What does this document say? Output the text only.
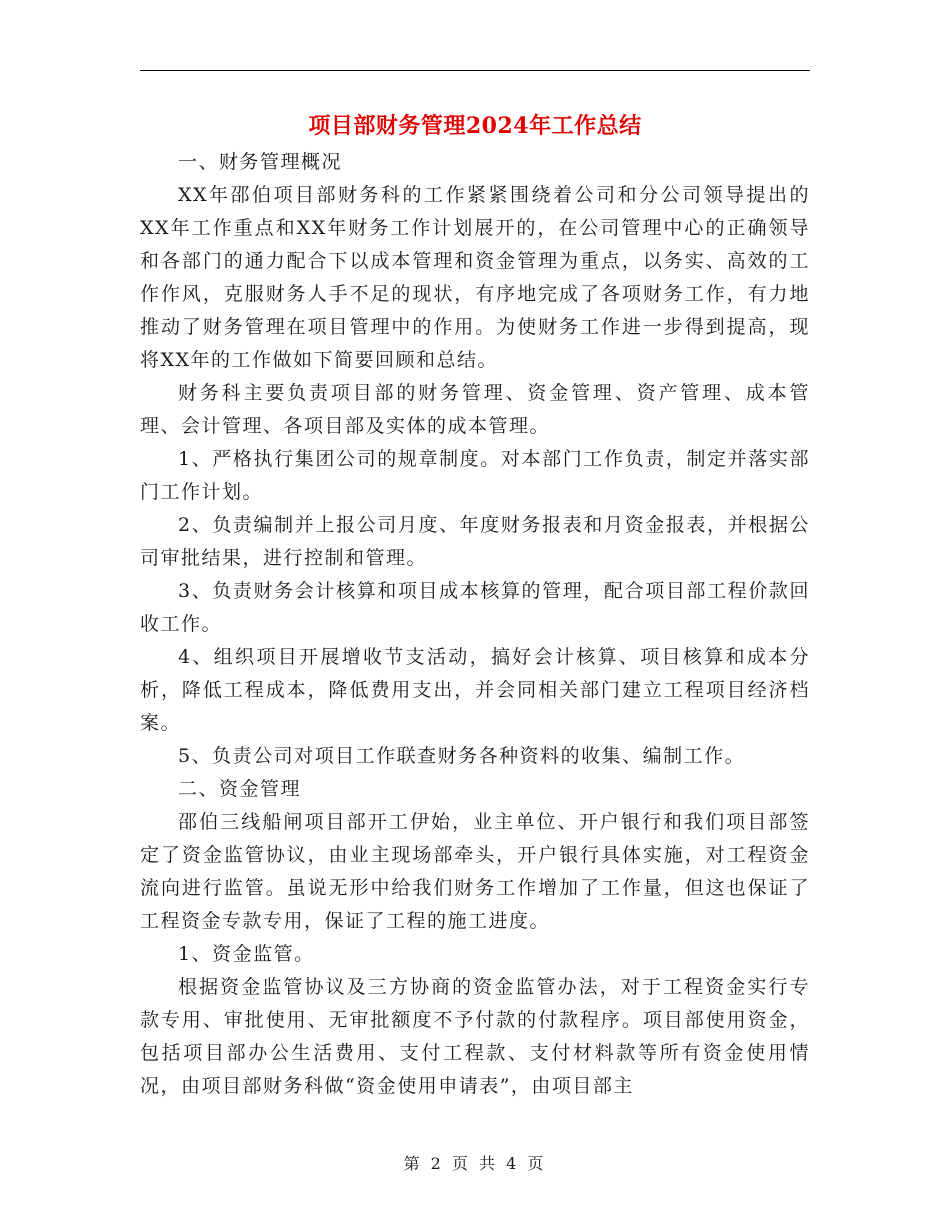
项目部财务管理2024年工作总结

一、财务管理概况

XX年邵伯项目部财务科的工作紧紧围绕着公司和分公司领导提出的XX年工作重点和XX年财务工作计划展开的，在公司管理中心的正确领导和各部门的通力配合下以成本管理和资金管理为重点，以务实、高效的工作作风，克服财务人手不足的现状，有序地完成了各项财务工作，有力地推动了财务管理在项目管理中的作用。为使财务工作进一步得到提高，现将XX年的工作做如下简要回顾和总结。

财务科主要负责项目部的财务管理、资金管理、资产管理、成本管理、会计管理、各项目部及实体的成本管理。

1、严格执行集团公司的规章制度。对本部门工作负责，制定并落实部门工作计划。

2、负责编制并上报公司月度、年度财务报表和月资金报表，并根据公司审批结果，进行控制和管理。

3、负责财务会计核算和项目成本核算的管理，配合项目部工程价款回收工作。

4、组织项目开展增收节支活动，搞好会计核算、项目核算和成本分析，降低工程成本，降低费用支出，并会同相关部门建立工程项目经济档案。

5、负责公司对项目工作联查财务各种资料的收集、编制工作。

二、资金管理

邵伯三线船闸项目部开工伊始，业主单位、开户银行和我们项目部签定了资金监管协议，由业主现场部牵头，开户银行具体实施，对工程资金流向进行监管。虽说无形中给我们财务工作增加了工作量，但这也保证了工程资金专款专用，保证了工程的施工进度。

1、资金监管。

根据资金监管协议及三方协商的资金监管办法，对于工程资金实行专款专用、审批使用、无审批额度不予付款的付款程序。项目部使用资金，包括项目部办公生活费用、支付工程款、支付材料款等所有资金使用情况，由项目部财务科做“资金使用申请表”，由项目部主

第 2 页 共 4 页
